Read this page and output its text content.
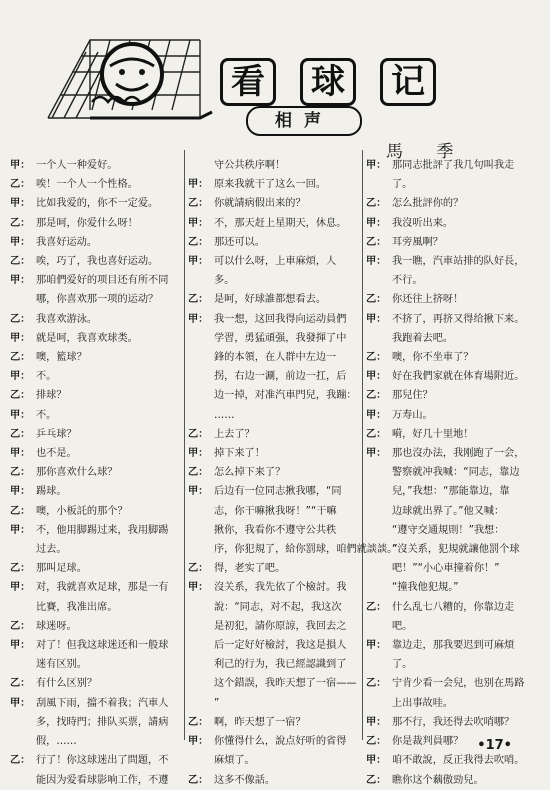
看	球	记
相声
馬 季
甲： 一个人一种爱好。
乙： 唉！一个人一个性格。
甲： 比如我爱的，你不一定爱。
乙： 那是呵，你爱什么呀！
甲： 我喜好运动。
乙： 唉，巧了，我也喜好运动。
甲： 那咱們爱好的项目还有所不同
哪，你喜欢那一项的运动？
乙： 我喜欢游泳。
甲： 就是呵，我喜欢球类。
乙： 噢，籃球？
甲： 不。
乙： 排球？
甲： 不。
乙： 乒乓球？
甲： 也不是。
乙： 那你喜欢什么球？
甲： 踢球。
乙： 噢，小板託的那个？
甲： 不，他用脚踢过来，我用脚踢
过去。
乙： 那叫足球。
甲： 对，我就喜欢足球，那是一有
比賽，我准出席。
乙： 球迷呀。
甲： 对了！但我这球迷还和一般球
迷有区别。
乙： 有什么区别？
甲： 刮風下雨，擋不着我；汽車人
多，找時門；排队买票，請病
假，……
乙： 行了！你这球迷出了問題，不
能因为爱看球影响工作，不遵
守公共秩序啊！
甲： 原来我就干了这么一回。
乙： 你就請病假出来的？
甲： 不，那天赶上星期天，休息。
乙： 那还可以。
甲： 可以什么呀，上車麻煩，人
多。
乙： 是呵，好球誰都想看去。
甲： 我一想，这回我得向运动員們
学習，勇猛頑强，我發揮了中
鋒的本領，在人群中左边一
拐，右边一涮，前边一扛，后
边一掉，对准汽車門兒，我蹦：
……
乙： 上去了？
甲： 掉下来了！
乙： 怎么掉下来了？
甲： 后边有一位同志揪我哪，“同
志，你干嘛揪我呀！”“干嘛
揪你，我看你不遵守公共秩
序，你犯規了，給你罰球，咱們就談談。”
乙： 得，老实了吧。
甲： 沒关系，我先依了个檢討。我
說：“同志，对不起，我这次
是初犯，請你原諒，我回去之
后一定好好檢討，我这是損人
利己的行为，我已經認識到了
这个錯誤，我昨天想了一宿——
”
乙： 啊，昨天想了一宿？
甲： 你懂得什么，說点好听的省得
麻煩了。
乙： 这多不像話。
甲： 那同志批評了我几句叫我走
了。
乙： 怎么批評你的？
甲： 我沒听出来。
乙： 耳旁風啊？
甲： 我一瞧，汽車站排的队好長，
不行。
乙： 你还往上挤呀！
甲： 不挤了，再挤又得给揪下来。
我跑着去吧。
乙： 噢，你不坐車了？
甲： 好在我們家就在体育場附近。
乙： 那兒住？
甲： 万寿山。
乙： 嗬，好几十里地！
甲： 那也沒办法，我刚跑了一会，
警察就冲我喊：“同志，靠边
兒，”我想：“那能靠边，靠
边球就出界了。”他又喊：
“遵守交通規則！”我想：
“沒关系，犯規就讓他罰个球
吧！”“小心車撞着你！”
“撞我他犯規。”
乙： 什么乱七八糟的，你靠边走
吧。
甲： 靠边走，那我要迟到可麻煩
了。
乙： 宁肯少看一会兒，也别在馬路
上出事故哇。
甲： 那不行，我还得去吹哨哪？
乙： 你是裁判員哪？
甲： 咱不敢說，反正我得去吹哨。
乙： 瞧你这个藕傲勁兒。
•17•
